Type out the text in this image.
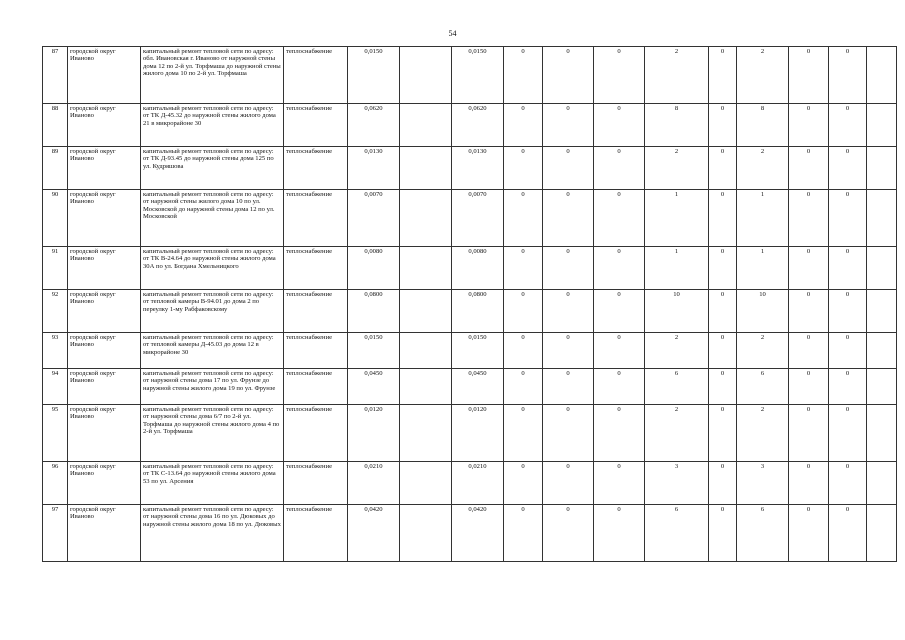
54
87	городской округ Иваново	капитальный ремонт тепловой сети по адресу: обл. Ивановская г. Иваново от наружной стены дома 12 по 2-й ул. Торфмаша до наружной стены жилого дома 10 по 2-й ул. Торфмаша	теплоснабжение	0,0150		0,0150	0	0	0	2	0	2	0	0	
88	городской округ Иваново	капитальный ремонт тепловой сети по адресу: от ТК Д-45.32 до наружной стены жилого дома 21 в микрорайоне 30	теплоснабжение	0,0620		0,0620	0	0	0	8	0	8	0	0	
89	городской округ Иваново	капитальный ремонт тепловой сети по адресу: от ТК Д-93.45 до наружной стены дома 125 по ул. Кудряшова	теплоснабжение	0,0130		0,0130	0	0	0	2	0	2	0	0	
90	городской округ Иваново	капитальный ремонт тепловой сети по адресу: от наружной стены жилого дома 10 по ул. Московской до наружной стены дома 12 по ул. Московской	теплоснабжение	0,0070		0,0070	0	0	0	1	0	1	0	0	
91	городской округ Иваново	капитальный ремонт тепловой сети по адресу: от ТК В-24.64 до наружной стены жилого дома 30А по ул. Богдана Хмельницкого	теплоснабжение	0,0080		0,0080	0	0	0	1	0	1	0	0	
92	городской округ Иваново	капитальный ремонт тепловой сети по адресу: от тепловой камеры В-94.01 до дома 2 по переулку 1-му Рабфаковскому	теплоснабжение	0,0800		0,0800	0	0	0	10	0	10	0	0	
93	городской округ Иваново	капитальный ремонт тепловой сети по адресу: от тепловой камеры Д-45.03 до дома 12 в микрорайоне 30	теплоснабжение	0,0150		0,0150	0	0	0	2	0	2	0	0	
94	городской округ Иваново	капитальный ремонт тепловой сети по адресу: от наружной стены дома 17 по ул. Фрунзе до наружной стены жилого дома 19 по ул. Фрунзе	теплоснабжение	0,0450		0,0450	0	0	0	6	0	6	0	0	
95	городской округ Иваново	капитальный ремонт тепловой сети по адресу: от наружной стены дома 6/7 по 2-й ул. Торфмаша до наружной стены жилого дома 4 по 2-й ул. Торфмаша	теплоснабжение	0,0120		0,0120	0	0	0	2	0	2	0	0	
96	городской округ Иваново	капитальный ремонт тепловой сети по адресу: от ТК С-13.64 до наружной стены жилого дома 53 по ул. Арсения	теплоснабжение	0,0210		0,0210	0	0	0	3	0	3	0	0	
97	городской округ Иваново	капитальный ремонт тепловой сети по адресу: от наружной стены дома 16 по ул. Дюковых до наружной стены жилого дома 18 по ул. Дюковых	теплоснабжение	0,0420		0,0420	0	0	0	6	0	6	0	0	
